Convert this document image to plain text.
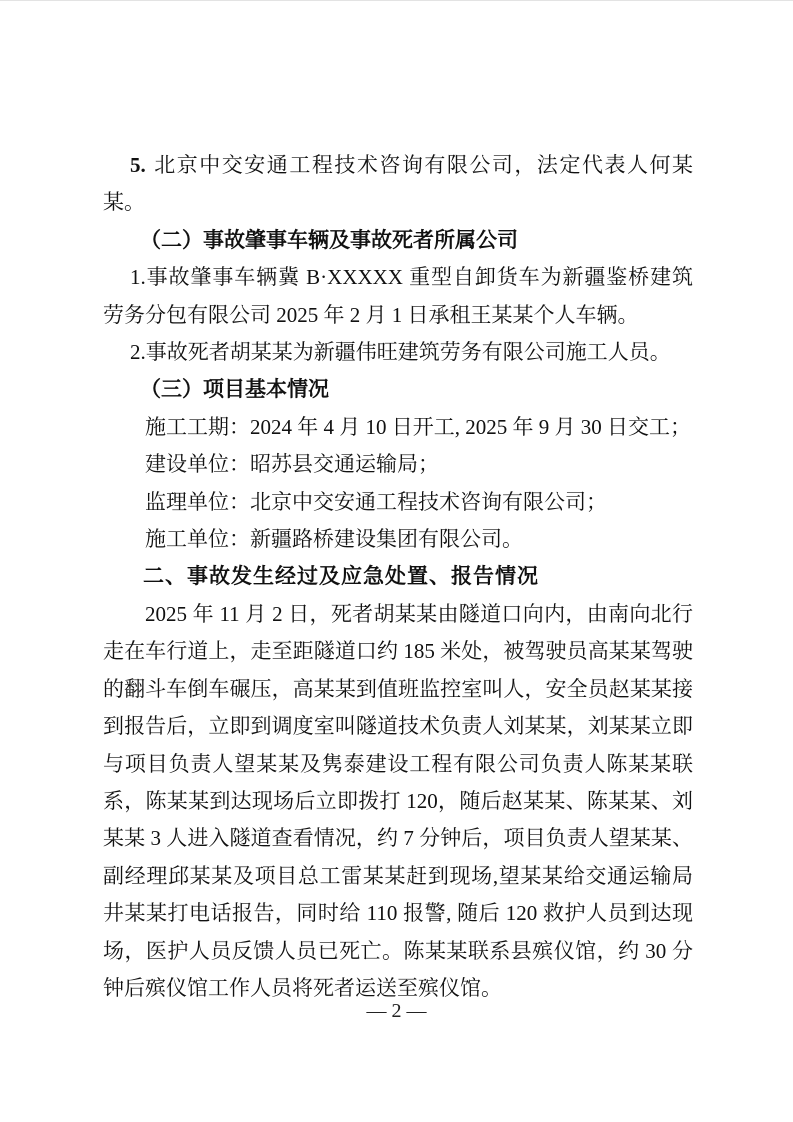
5. 北京中交安通工程技术咨询有限公司，法定代表人何某某。

（二）事故肇事车辆及事故死者所属公司

1.事故肇事车辆冀 B·XXXXX 重型自卸货车为新疆鉴桥建筑劳务分包有限公司 2025 年 2 月 1 日承租王某某个人车辆。

2.事故死者胡某某为新疆伟旺建筑劳务有限公司施工人员。

（三）项目基本情况

施工工期：2024 年 4 月 10 日开工, 2025 年 9 月 30 日交工；

建设单位：昭苏县交通运输局；

监理单位：北京中交安通工程技术咨询有限公司；

施工单位：新疆路桥建设集团有限公司。

二、事故发生经过及应急处置、报告情况

2025 年 11 月 2 日，死者胡某某由隧道口向内，由南向北行走在车行道上，走至距隧道口约 185 米处，被驾驶员高某某驾驶的翻斗车倒车碾压，高某某到值班监控室叫人，安全员赵某某接到报告后，立即到调度室叫隧道技术负责人刘某某，刘某某立即与项目负责人望某某及隽泰建设工程有限公司负责人陈某某联系，陈某某到达现场后立即拨打 120，随后赵某某、陈某某、刘某某 3 人进入隧道查看情况，约 7 分钟后，项目负责人望某某、副经理邱某某及项目总工雷某某赶到现场,望某某给交通运输局井某某打电话报告，同时给 110 报警, 随后 120 救护人员到达现场，医护人员反馈人员已死亡。陈某某联系县殡仪馆，约 30 分钟后殡仪馆工作人员将死者运送至殡仪馆。

— 2 —
